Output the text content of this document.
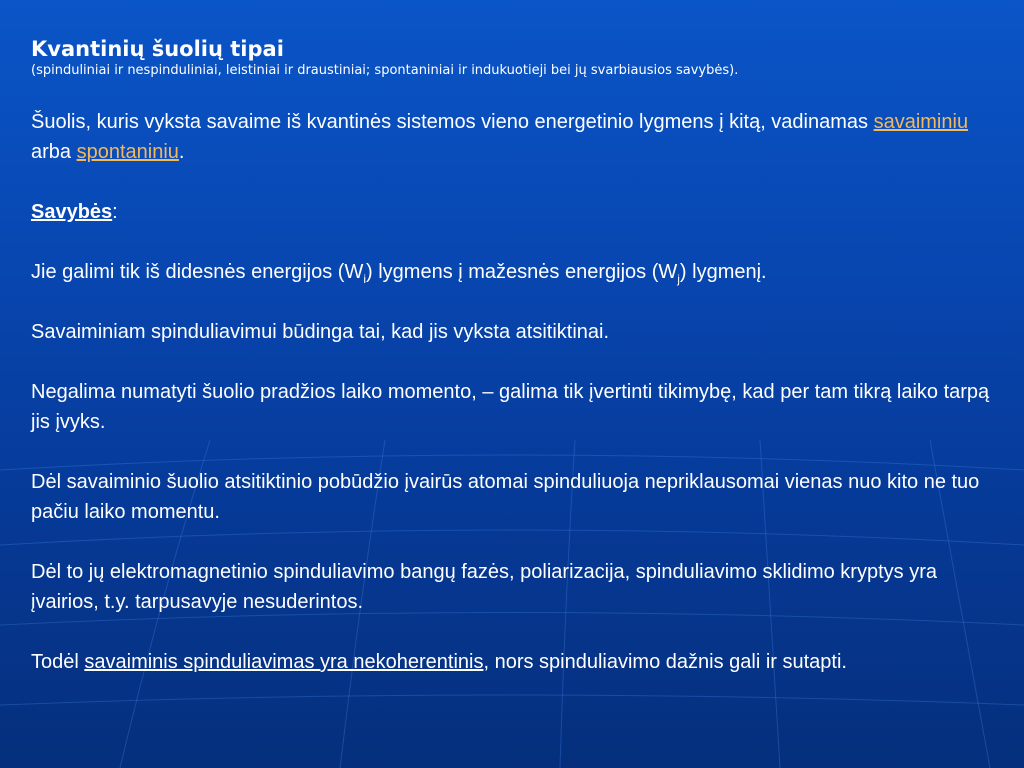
Kvantinių šuolių tipai

(spinduliniai ir nespinduliniai, leistiniai ir draustiniai; spontaniniai ir indukuotieji bei jų svarbiausios savybės).

Šuolis, kuris vyksta savaime iš kvantinės sistemos vieno energetinio lygmens į kitą, vadinamas savaiminiu arba spontaniniu.

Savybės:

Jie galimi tik iš didesnės energijos $(W_i)$ lygmens į mažesnės energijos $(W_j)$ lygmenį.

Savaiminiam spinduliavimui būdinga tai, kad jis vyksta atsitiktinai.

Negalima numatyti šuolio pradžios laiko momento, – galima tik įvertinti tikimybę, kad per tam tikrą laiko tarpą jis įvyks.

Dėl savaiminio šuolio atsitiktinio pobūdžio įvairūs atomai spinduliuoja nepriklausomai vienas nuo kito ne tuo pačiu laiko momentu.

Dėl to jų elektromagnetinio spinduliavimo bangų fazės, poliarizacija, spinduliavimo sklidimo kryptys yra įvairios, t.y. tarpusavyje nesuderintos.

Todėl savaiminis spinduliavimas yra nekoherentinis, nors spinduliavimo dažnis gali ir sutapti.
